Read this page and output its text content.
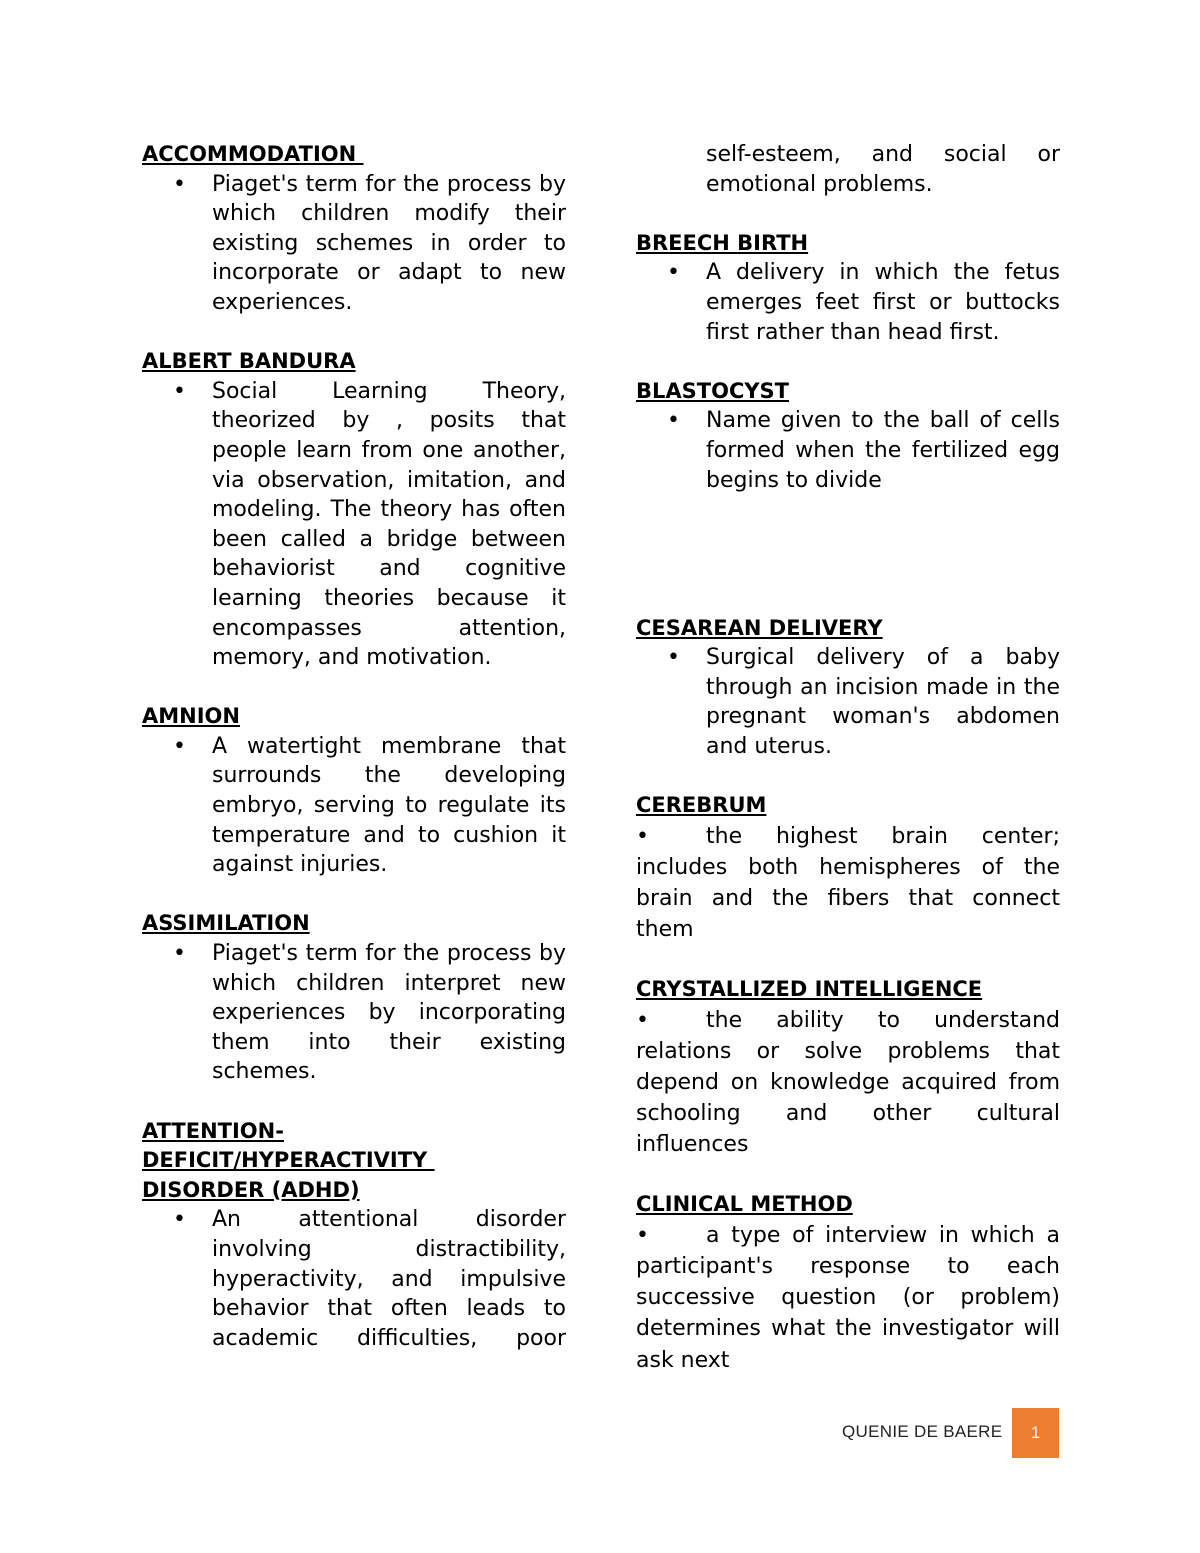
ACCOMMODATION

• Piaget's term for the process by which children modify their existing schemes in order to incorporate or adapt to new experiences.

ALBERT BANDURA

• Social Learning Theory, theorized by , posits that people learn from one another, via observation, imitation, and modeling. The theory has often been called a bridge between behaviorist and cognitive learning theories because it encompasses attention, memory, and motivation.

AMNION

• A watertight membrane that surrounds the developing embryo, serving to regulate its temperature and to cushion it against injuries.

ASSIMILATION

• Piaget's term for the process by which children interpret new experiences by incorporating them into their existing schemes.

ATTENTION-

DEFICIT/HYPERACTIVITY

DISORDER (ADHD)

• An attentional disorder involving distractibility, hyperactivity, and impulsive behavior that often leads to academic difficulties, poor
self-esteem, and social or emotional problems.

BREECH BIRTH

• A delivery in which the fetus emerges feet first or buttocks first rather than head first.

BLASTOCYST

• Name given to the ball of cells formed when the fertilized egg begins to divide

CESAREAN DELIVERY

• Surgical delivery of a baby through an incision made in the pregnant woman's abdomen and uterus.

CEREBRUM

•	the highest brain center; includes both hemispheres of the brain and the fibers that connect them

CRYSTALLIZED INTELLIGENCE

•	the ability to understand relations or solve problems that depend on knowledge acquired from schooling and other cultural influences

CLINICAL METHOD

•	a type of interview in which a participant's response to each successive question (or problem) determines what the investigator will ask next
QUENIE DE BAERE 1
